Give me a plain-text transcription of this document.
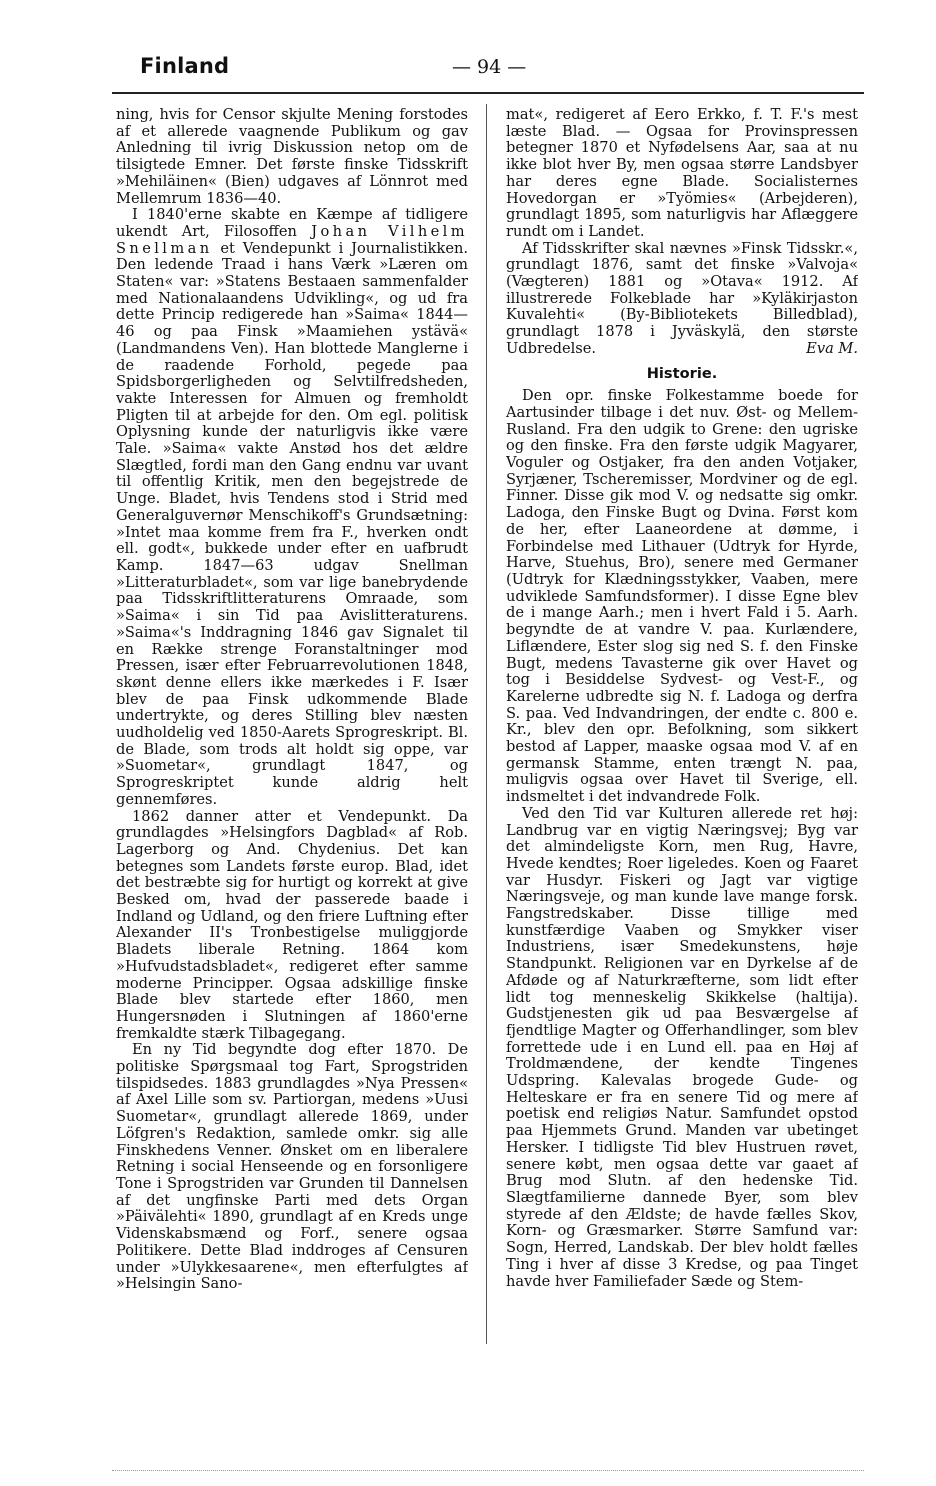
Finland	— 94 —

ning, hvis for Censor skjulte Mening forstodes af et allerede vaagnende Publikum og gav Anledning til ivrig Diskussion netop om de tilsigtede Emner. Det første finske Tidsskrift »Mehiläinen« (Bien) udgaves af Lönnrot med Mellemrum 1836—40.

I 1840'erne skabte en Kæmpe af tidligere ukendt Art, Filosoffen Johan Vilhelm Snellman et Vendepunkt i Journalistikken. Den ledende Traad i hans Værk »Læren om Staten« var: »Statens Bestaaen sammenfalder med Nationalaandens Udvikling«, og ud fra dette Princip redigerede han »Saima« 1844—46 og paa Finsk »Maamiehen ystävä« (Landmandens Ven). Han blottede Manglerne i de raadende Forhold, pegede paa Spidsborgerligheden og Selvtilfredsheden, vakte Interessen for Almuen og fremholdt Pligten til at arbejde for den. Om egl. politisk Oplysning kunde der naturligvis ikke være Tale. »Saima« vakte Anstød hos det ældre Slægtled, fordi man den Gang endnu var uvant til offentlig Kritik, men den begejstrede de Unge. Bladet, hvis Tendens stod i Strid med Generalguvernør Menschikoff's Grundsætning: »Intet maa komme frem fra F., hverken ondt ell. godt«, bukkede under efter en uafbrudt Kamp. 1847—63 udgav Snellman »Litteraturbladet«, som var lige banebrydende paa Tidsskriftlitteraturens Omraade, som »Saima« i sin Tid paa Avislitteraturens. »Saima«'s Inddragning 1846 gav Signalet til en Række strenge Foranstaltninger mod Pressen, især efter Februarrevolutionen 1848, skønt denne ellers ikke mærkedes i F. Især blev de paa Finsk udkommende Blade undertrykte, og deres Stilling blev næsten uudholdelig ved 1850-Aarets Sprogreskript. Bl. de Blade, som trods alt holdt sig oppe, var »Suometar«, grundlagt 1847, og Sprogreskriptet kunde aldrig helt gennemføres.

1862 danner atter et Vendepunkt. Da grundlagdes »Helsingfors Dagblad« af Rob. Lagerborg og And. Chydenius. Det kan betegnes som Landets første europ. Blad, idet det bestræbte sig for hurtigt og korrekt at give Besked om, hvad der passerede baade i Indland og Udland, og den friere Luftning efter Alexander II's Tronbestigelse muliggjorde Bladets liberale Retning. 1864 kom »Hufvudstadsbladet«, redigeret efter samme moderne Principper. Ogsaa adskillige finske Blade blev startede efter 1860, men Hungersnøden i Slutningen af 1860'erne fremkaldte stærk Tilbagegang.

En ny Tid begyndte dog efter 1870. De politiske Spørgsmaal tog Fart, Sprogstriden tilspidsedes. 1883 grundlagdes »Nya Pressen« af Axel Lille som sv. Partiorgan, medens »Uusi Suometar«, grundlagt allerede 1869, under Löfgren's Redaktion, samlede omkr. sig alle Finskhedens Venner. Ønsket om en liberalere Retning i social Henseende og en forsonligere Tone i Sprogstriden var Grunden til Dannelsen af det ungfinske Parti med dets Organ »Päivälehti« 1890, grundlagt af en Kreds unge Videnskabsmænd og Forf., senere ogsaa Politikere. Dette Blad inddroges af Censuren under »Ulykkesaarene«, men efterfulgtes af »Helsingin Sano-

mat«, redigeret af Eero Erkko, f. T. F.'s mest læste Blad. — Ogsaa for Provinspressen betegner 1870 et Nyfødelsens Aar, saa at nu ikke blot hver By, men ogsaa større Landsbyer har deres egne Blade. Socialisternes Hovedorgan er »Työmies« (Arbejderen), grundlagt 1895, som naturligvis har Aflæggere rundt om i Landet.

Af Tidsskrifter skal nævnes »Finsk Tidsskr.«, grundlagt 1876, samt det finske »Valvoja« (Vægteren) 1881 og »Otava« 1912. Af illustrerede Folkeblade har »Kyläkirjaston Kuvalehti« (By-Bibliotekets Billedblad), grundlagt 1878 i Jyväskylä, den største Udbredelse.	Eva M.

Historie.

Den opr. finske Folkestamme boede for Aartusinder tilbage i det nuv. Øst- og Mellem-Rusland. Fra den udgik to Grene: den ugriske og den finske. Fra den første udgik Magyarer, Voguler og Ostjaker, fra den anden Votjaker, Syrjæner, Tscheremisser, Mordviner og de egl. Finner. Disse gik mod V. og nedsatte sig omkr. Ladoga, den Finske Bugt og Dvina. Først kom de her, efter Laaneordene at dømme, i Forbindelse med Lithauer (Udtryk for Hyrde, Harve, Stuehus, Bro), senere med Germaner (Udtryk for Klædningsstykker, Vaaben, mere udviklede Samfundsformer). I disse Egne blev de i mange Aarh.; men i hvert Fald i 5. Aarh. begyndte de at vandre V. paa. Kurlændere, Liflændere, Ester slog sig ned S. f. den Finske Bugt, medens Tavasterne gik over Havet og tog i Besiddelse Sydvest- og Vest-F., og Karelerne udbredte sig N. f. Ladoga og derfra S. paa. Ved Indvandringen, der endte c. 800 e. Kr., blev den opr. Befolkning, som sikkert bestod af Lapper, maaske ogsaa mod V. af en germansk Stamme, enten trængt N. paa, muligvis ogsaa over Havet til Sverige, ell. indsmeltet i det indvandrede Folk.

Ved den Tid var Kulturen allerede ret høj: Landbrug var en vigtig Næringsvej; Byg var det almindeligste Korn, men Rug, Havre, Hvede kendtes; Roer ligeledes. Koen og Faaret var Husdyr. Fiskeri og Jagt var vigtige Næringsveje, og man kunde lave mange forsk. Fangstredskaber. Disse tillige med kunstfærdige Vaaben og Smykker viser Industriens, især Smedekunstens, høje Standpunkt. Religionen var en Dyrkelse af de Afdøde og af Naturkræfterne, som lidt efter lidt tog menneskelig Skikkelse (haltija). Gudstjenesten gik ud paa Besværgelse af fjendtlige Magter og Offerhandlinger, som blev forrettede ude i en Lund ell. paa en Høj af Troldmændene, der kendte Tingenes Udspring. Kalevalas brogede Gude- og Helteskare er fra en senere Tid og mere af poetisk end religiøs Natur. Samfundet opstod paa Hjemmets Grund. Manden var ubetinget Hersker. I tidligste Tid blev Hustruen røvet, senere købt, men ogsaa dette var gaaet af Brug mod Slutn. af den hedenske Tid. Slægtfamilierne dannede Byer, som blev styrede af den Ældste; de havde fælles Skov, Korn- og Græsmarker. Større Samfund var: Sogn, Herred, Landskab. Der blev holdt fælles Ting i hver af disse 3 Kredse, og paa Tinget havde hver Familiefader Sæde og Stem-
